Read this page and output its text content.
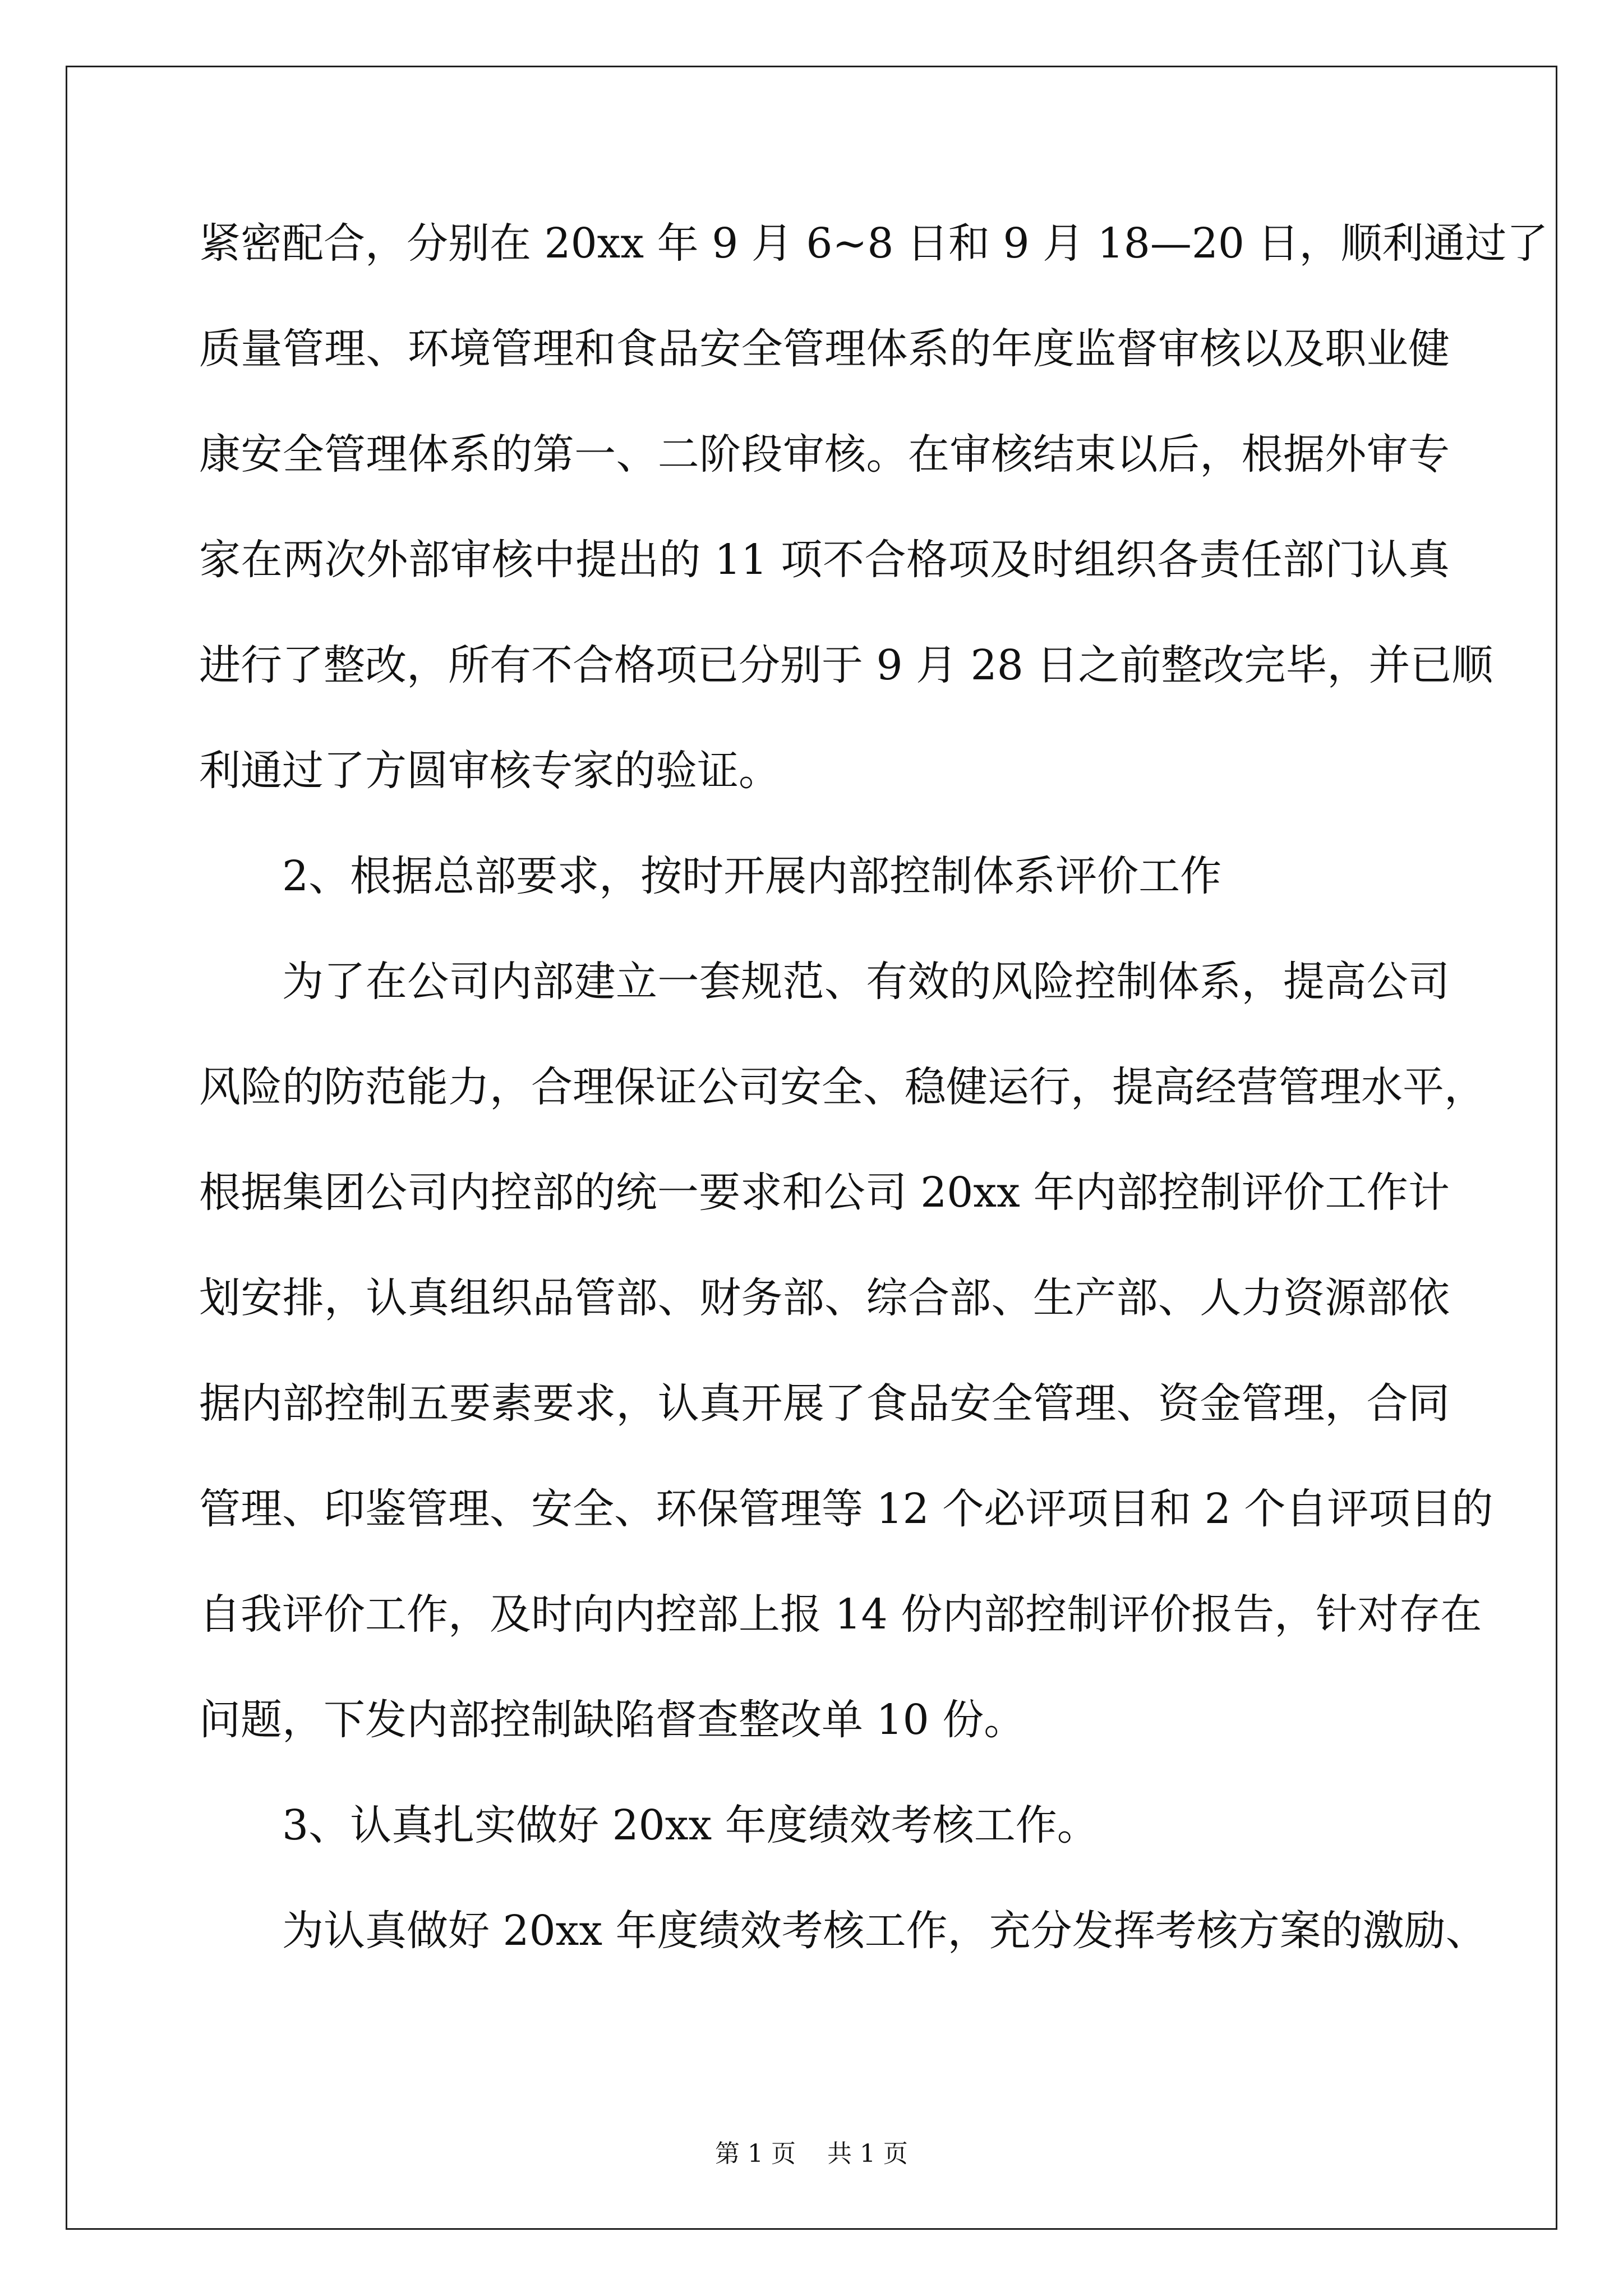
紧密配合，分别在 20xx 年 9 月 6~8 日和 9 月 18—20 日，顺利通过了
质量管理、环境管理和食品安全管理体系的年度监督审核以及职业健
康安全管理体系的第一、二阶段审核。在审核结束以后，根据外审专
家在两次外部审核中提出的 11 项不合格项及时组织各责任部门认真
进行了整改，所有不合格项已分别于 9 月 28 日之前整改完毕，并已顺
利通过了方圆审核专家的验证。
2、根据总部要求，按时开展内部控制体系评价工作
为了在公司内部建立一套规范、有效的风险控制体系，提高公司
风险的防范能力，合理保证公司安全、稳健运行，提高经营管理水平，
根据集团公司内控部的统一要求和公司 20xx 年内部控制评价工作计
划安排，认真组织品管部、财务部、综合部、生产部、人力资源部依
据内部控制五要素要求，认真开展了食品安全管理、资金管理，合同
管理、印鉴管理、安全、环保管理等 12 个必评项目和 2 个自评项目的
自我评价工作，及时向内控部上报 14 份内部控制评价报告，针对存在
问题，下发内部控制缺陷督查整改单 10 份。
3、认真扎实做好 20xx 年度绩效考核工作。
为认真做好 20xx 年度绩效考核工作，充分发挥考核方案的激励、
第 1 页    共 1 页
